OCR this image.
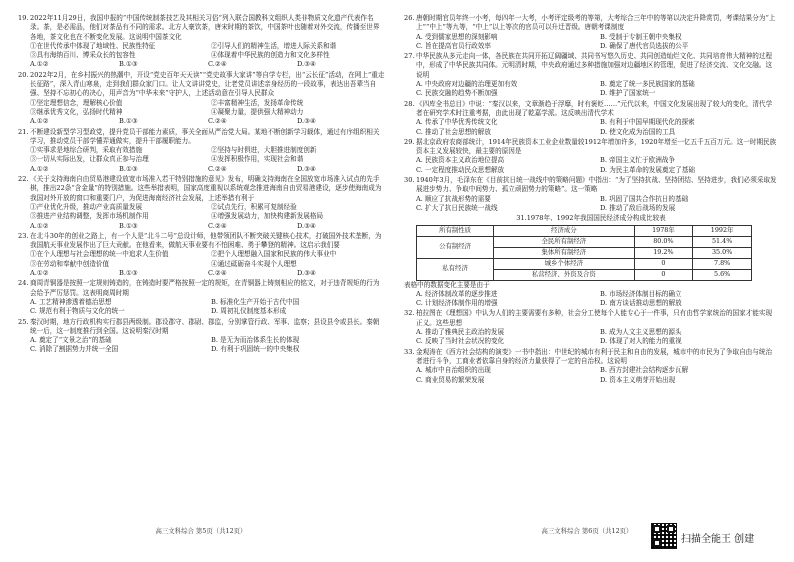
19. 2022年11月29日，我国申报的“中国传统制茶技艺及其相关习俗”列入联合国教科文组织人类非物质文化遗产代表作名录。茶，是必需品，他们对茶品有不同的需求。北方人豪饮茶，唐宋时期的茶饮，中国茶叶也随着对外交流，传播至世界各地，茶文化也在不断变化发展。这说明中国茶文化
①在世代传承中体现了地域性、民族性特征	②引导人们的精神生活，增进人际关系和谐
③具有海纳百川、博采众长的包容性	④体现着中华民族的创造力和文化多样性
A.①②	B.①③	C.②④	D.③④
20. 2022年2月，在乡村振兴的热潮中，开设“党史百年天天读”“党史故事大家讲”等自学专栏，出“云长征”活动，在网上“重走长征路”，深入青山寒泉，走到我们群众家门口。让人文讲讲党史，让老党员讲述亲身经历的一段故事，表达出吾辈当自强、坚持不忘初心的决心，用声音为“中华未来”守护人，上述活动意在引导人民群众
①坚定理想信念，理解核心价值	②丰富精神生活，发扬革命传统
③继承优秀文化，弘扬时代精神	④凝聚力量，提供强大精神动力
A.①②	B.①③	C.②④	D.③④
21. 不断建设新型学习型政党，提升党员干部能力素质，事关全面从严治党大局。某地不断创新学习载体，通过有序组织相关学习，推动党员干部学懂弄通做实，提升干部履职能力。
①实事求是地综合研判，采取有效措施	②坚持与时俱进，大胆推进制度创新
③一切从实际出发，让群众真正参与治理	④发挥积极作用，实现社会和谐
A.①②	B.①③	C.②④	D.③④
22. 《关于支持海南自由贸易港建设放宽市场准入若干特别措施的意见》发布，明确支持海南在全国放宽市场准入试点的先手棋，推出22条“含金量”的特别措施。这些举措表明，国家高度重视以系统观念推进海南自由贸易港建设，逐步使海南成为我国对外开放的窗口和重要门户，为促进海南经济社会发展，上述举措有利于
①产业优化升级，推动产业高质量发展	②试点先行，积累可复制经验
③推进产业结构调整，发挥市场机制作用	④增强发展动力，加快构建新发展格局
A.①②	B.①③	C.②④	D.③④
23. 在北斗30年的创业之路上，有一个人是“北斗二号”总设计师，他带领团队不断突破关键核心技术，打破国外技术垄断，为我国航天事业发展作出了巨大贡献。在他看来，做航天事业要有不怕困难、勇于攀登的精神。这启示我们要
①在个人理想与社会理想的统一中追求人生价值	②把个人理想融入国家和民族的伟大事业中
③在劳动和奉献中创造价值	④通过砥砺奋斗实现个人理想
A.①②	B.①③	C.②④	D.③④
24. 商周青铜器是按照一定规则铸造的，在铸造时要严格按照一定的规矩，在青铜器上铸刻相应的铭文，对于违背规矩的行为会给予严厉惩罚。这表明商周时期
A. 工艺精神渗透着德治思想	B. 标准化生产开始于古代中国
C. 规范有利于物质与文化的统一	D. 周初礼仪制度基本形成
25. 秦汉时期，地方行政机构实行郡县两级制。郡设郡守、郡尉、郡监，分别掌管行政、军事、监察；县设县令或县长。秦朝统一后，这一制度推行到全国。这说明秦汉时期
A. 奠定了“文景之治”的基础	B. 是无为而治体系生长的体现
C. 消除了割据势力并统一全国	D. 有利于巩固统一的中央集权
26. 唐朝时期官员年终一小考，每四年一大考，小考评定级考的等第，大考综合三年中的等第以决定升降赏罚，考课结果分为“上上”“中上”等九等，“中上”以上等次的官员可以升迁晋级。唐朝考课制度
A. 受到儒家思想的深刻影响	B. 受制于专制王朝中央集权
C. 旨在提高官员行政效率	D. 确保了唐代官员选拔的公平
27. 中华民族从多元走向一体，各民族在共同开拓辽阔疆域、共同书写悠久历史、共同创造灿烂文化、共同培育伟大精神的过程中，形成了中华民族共同体。元明清时期，中央政府通过多种措施加强对边疆地区的管理，促进了经济交流、文化交融。这说明
A. 中央政府对边疆的治理更加有效	B. 奠定了统一多民族国家的基础
C. 民族交融的趋势不断加强	D. 维护了国家统一
28. 《四库全书总目》中说：“秦汉以来，文章渐趋于浮靡，时有褒贬……”元代以来，中国文化发展出现了较大的变化，清代学者在研究学术时注重考据，由此出现了乾嘉学派。这反映出清代学术
A. 传承了中华优秀传统文化	B. 有利于中国早期现代化的探索
C. 推动了社会思想的解放	D. 使文化成为治国的工具
29. 据北京政府农商部统计，1914年民族资本工业企业数量较1912年增加许多，1920年增至一亿五千五百万元。这一时期民族资本主义发展较快，最主要的原因是
A. 民族资本主义政治地位提高	B. 帝国主义忙于欧洲战争
C. 一定程度推动民众思想解放	D. 为民主革命的发展奠定了基础
30. 1940年3月，毛泽东在《目前抗日统一战线中的策略问题》中指出：“为了坚持抗战、坚持团结、坚持进步，我们必须采取发展进步势力、争取中间势力、孤立顽固势力的策略”。这一策略
A. 顺应了抗战形势的需要	B. 巩固了国共合作抗日的基础
C. 扩大了抗日民族统一战线	D. 推动了敌后战场的发展
31.1978年、1992年我国国民经济成分构成比较表
所有制性质	经济成分	1978年	1992年
公有制经济	全民所有制经济	80.0%	51.4%
	集体所有制经济	19.2%	35.0%
私有经济	城乡个体经济	0	7.8%
	私营经济、外资及合资	0	5.6%
表格中的数据变化主要是由于
A. 经济体制改革的逐步推进	B. 市场经济体制目标的确立
C. 计划经济体制作用的增强	D. 南方谈话推动思想的解放
32. 柏拉图在《理想国》中认为人们的主要需要有多种，社会分工使每个人能专心于一件事，只有由哲学家统治的国家才能实现正义。这些思想
A. 推动了雅典民主政治的发展	B. 成为人文主义思想的源头
C. 反映了当时社会状况的变化	D. 体现了对人的能力的重视
33. 金观涛在《西方社会结构的演变》一书中指出：中世纪的城市有利于民主和自由的发展，城市中的市民为了争取自由与统治者进行斗争，工商业者依靠自身的经济力量获得了一定的自治权。这说明
A. 城市中自治组织的出现	B. 西方封建社会结构逐步瓦解
C. 商业贸易的繁荣发展	D. 资本主义萌芽开始出现
高三文科综合 第5页（共12页）	高三文科综合 第6页（共12页）
扫描全能王 创建
